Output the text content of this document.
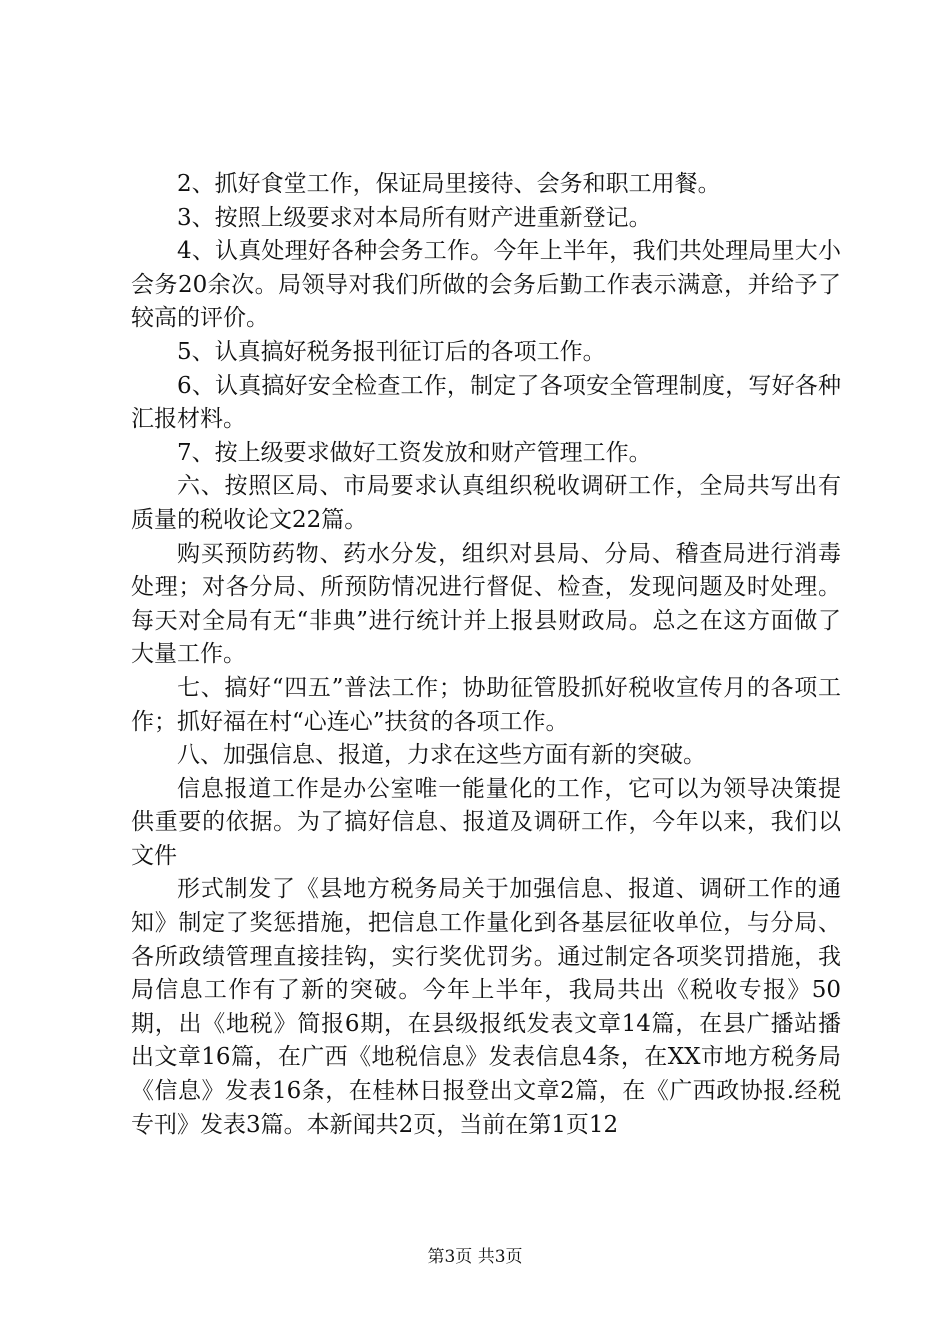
2、抓好食堂工作，保证局里接待、会务和职工用餐。

3、按照上级要求对本局所有财产进重新登记。

4、认真处理好各种会务工作。今年上半年，我们共处理局里大小会务20余次。局领导对我们所做的会务后勤工作表示满意，并给予了较高的评价。

5、认真搞好税务报刊征订后的各项工作。

6、认真搞好安全检查工作，制定了各项安全管理制度，写好各种汇报材料。

7、按上级要求做好工资发放和财产管理工作。

六、按照区局、市局要求认真组织税收调研工作，全局共写出有质量的税收论文22篇。

购买预防药物、药水分发，组织对县局、分局、稽查局进行消毒处理；对各分局、所预防情况进行督促、检查，发现问题及时处理。每天对全局有无“非典”进行统计并上报县财政局。总之在这方面做了大量工作。

七、搞好“四五”普法工作；协助征管股抓好税收宣传月的各项工作；抓好福在村“心连心”扶贫的各项工作。

八、加强信息、报道，力求在这些方面有新的突破。

信息报道工作是办公室唯一能量化的工作，它可以为领导决策提供重要的依据。为了搞好信息、报道及调研工作，今年以来，我们以文件

形式制发了《县地方税务局关于加强信息、报道、调研工作的通知》制定了奖惩措施，把信息工作量化到各基层征收单位，与分局、各所政绩管理直接挂钩，实行奖优罚劣。通过制定各项奖罚措施，我局信息工作有了新的突破。今年上半年，我局共出《税收专报》50期，出《地税》简报6期，在县级报纸发表文章14篇，在县广播站播出文章16篇，在广西《地税信息》发表信息4条，在XX市地方税务局《信息》发表16条，在桂林日报登出文章2篇，在《广西政协报.经税专刊》发表3篇。本新闻共2页，当前在第1页12

第3页 共3页
